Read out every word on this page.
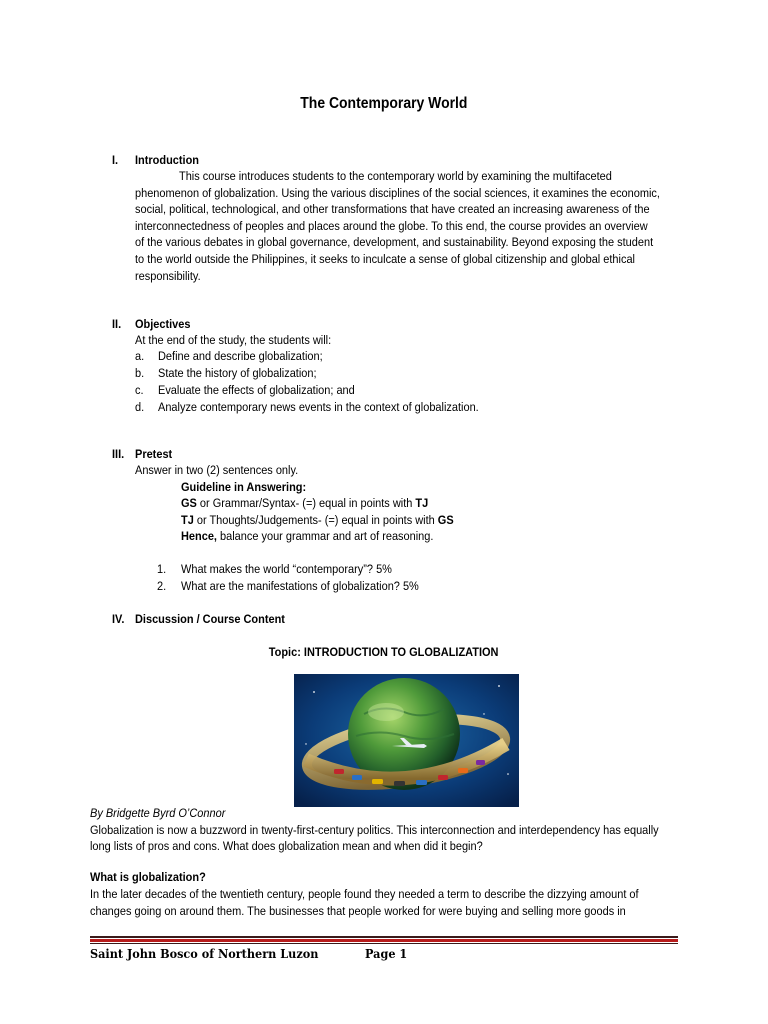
The Contemporary World
I.	Introduction
This course introduces students to the contemporary world by examining the multifaceted
phenomenon of globalization. Using the various disciplines of the social sciences, it examines the economic,
social, political, technological, and other transformations that have created an increasing awareness of the
interconnectedness of peoples and places around the globe. To this end, the course provides an overview
of the various debates in global governance, development, and sustainability. Beyond exposing the student
to the world outside the Philippines, it seeks to inculcate a sense of global citizenship and global ethical
responsibility.
II.	Objectives
At the end of the study, the students will:
a. Define and describe globalization;
b. State the history of globalization;
c. Evaluate the effects of globalization; and
d. Analyze contemporary news events in the context of globalization.
III. Pretest
Answer in two (2) sentences only.
Guideline in Answering:
GS or Grammar/Syntax- (=) equal in points with TJ
TJ or Thoughts/Judgements- (=) equal in points with GS
Hence, balance your grammar and art of reasoning.
1. What makes the world “contemporary”? 5%
2. What are the manifestations of globalization? 5%
IV. Discussion / Course Content
Topic: INTRODUCTION TO GLOBALIZATION
By Bridgette Byrd O’Connor
Globalization is now a buzzword in twenty-first-century politics. This interconnection and interdependency has equally
long lists of pros and cons. What does globalization mean and when did it begin?
What is globalization?
In the later decades of the twentieth century, people found they needed a term to describe the dizzying amount of
changes going on around them. The businesses that people worked for were buying and selling more goods in
Saint John Bosco of Northern Luzon	Page 1
